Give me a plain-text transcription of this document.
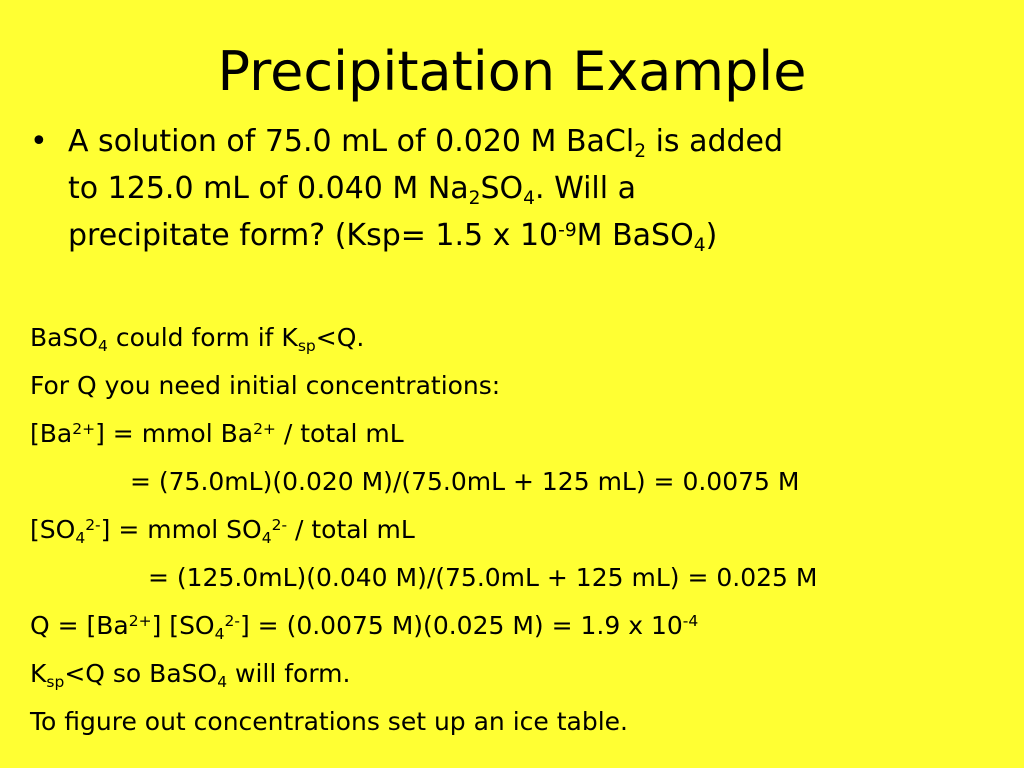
Precipitation Example
• A solution of 75.0 mL of 0.020 M BaCl$_2$ is added
to 125.0 mL of 0.040 M $Na_2SO_4$. Will a
precipitate form? (Ksp= 1.5 x $10^{-9}M$ BaSO$_4$)
BaSO$_4$ could form if $K_{sp}<Q$.
For Q you need initial concentrations:
$[Ba^{2+}]$ = mmol $Ba^{2+}$ / total mL
= (75.0mL)(0.020 M)/(75.0mL + 125 mL) = 0.0075 M
$[SO_4^{2-}]$ = mmol $SO_4^{2-}$ / total mL
= (125.0mL)(0.040 M)/(75.0mL + 125 mL) = 0.025 M
$Q = [Ba^{2+}] [SO_4^{2-}] = (0.0075$ M)(0.025 M) = 1.9 x $10^{-4}$
$K_{sp}<Q$ so BaSO$_4$ will form.
To figure out concentrations set up an ice table.
